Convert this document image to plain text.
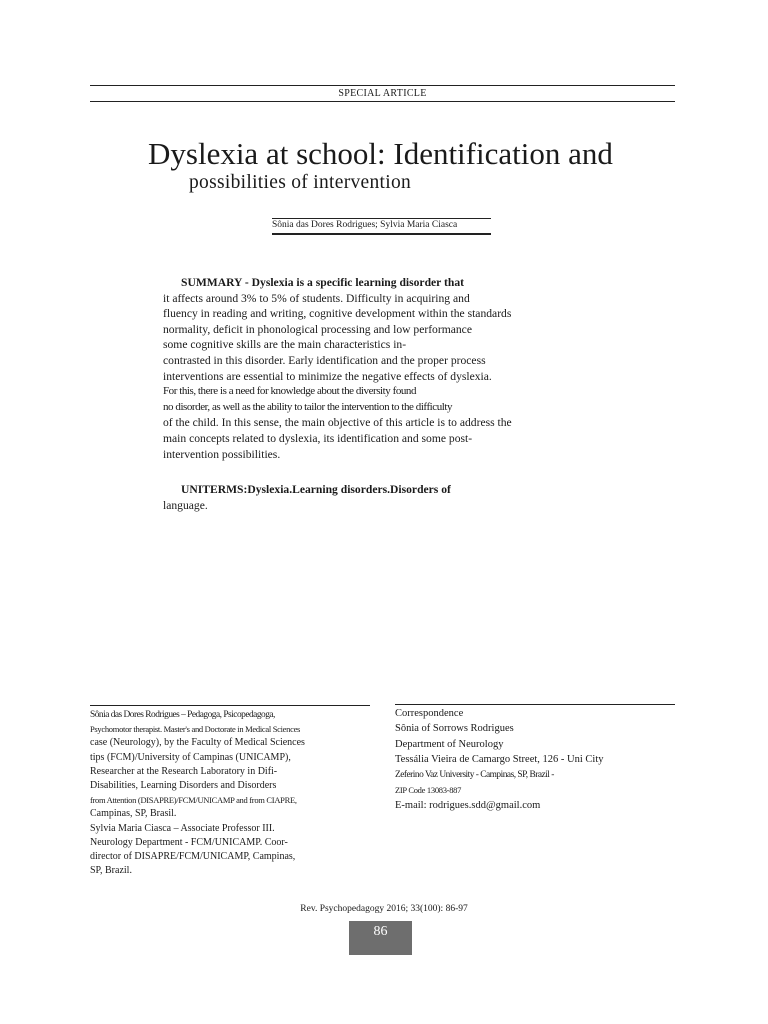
SPECIAL ARTICLE
Dyslexia at school: Identification and
possibilities of intervention
Sônia das Dores Rodrigues; Sylvia Maria Ciasca
SUMMARY - Dyslexia is a specific learning disorder that
it affects around 3% to 5% of students. Difficulty in acquiring and
fluency in reading and writing, cognitive development within the standards
normality, deficit in phonological processing and low performance
some cognitive skills are the main characteristics in-
contrasted in this disorder. Early identification and the proper process
interventions are essential to minimize the negative effects of dyslexia.
For this, there is a need for knowledge about the diversity found
no disorder, as well as the ability to tailor the intervention to the difficulty
of the child. In this sense, the main objective of this article is to address the
main concepts related to dyslexia, its identification and some post-
intervention possibilities.
UNITERMS:Dyslexia.Learning disorders.Disorders of
language.
Sônia das Dores Rodrigues – Pedagoga, Psicopedagoga,
Psychomotor therapist. Master's and Doctorate in Medical Sciences
case (Neurology), by the Faculty of Medical Sciences
tips (FCM)/University of Campinas (UNICAMP),
Researcher at the Research Laboratory in Difi-
Disabilities, Learning Disorders and Disorders
from Attention (DISAPRE)/FCM/UNICAMP and from CIAPRE,
Campinas, SP, Brasil.
Sylvia Maria Ciasca – Associate Professor III.
Neurology Department - FCM/UNICAMP. Coor-
director of DISAPRE/FCM/UNICAMP, Campinas,
SP, Brazil.
Correspondence
Sônia of Sorrows Rodrigues
Department of Neurology
Tessália Vieira de Camargo Street, 126 - Uni City
Zeferino Vaz University - Campinas, SP, Brazil -
ZIP Code 13083-887
E-mail: rodrigues.sdd@gmail.com
Rev. Psychopedagogy 2016; 33(100): 86-97
86
